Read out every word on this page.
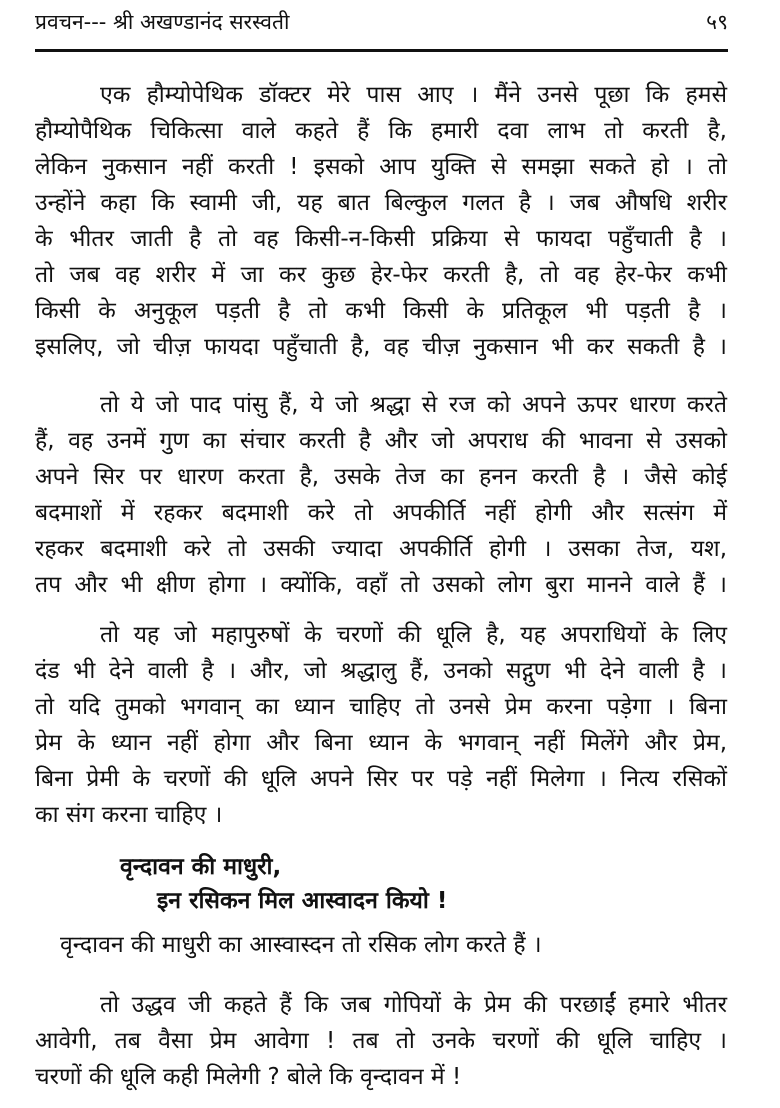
प्रवचन--- श्री अखण्डानंद सरस्वती	५९
एक हौम्योपेथिक डॉक्टर मेरे पास आए । मैंने उनसे पूछा कि हमसे
हौम्योपैथिक चिकित्सा वाले कहते हैं कि हमारी दवा लाभ तो करती है,
लेकिन नुकसान नहीं करती ! इसको आप युक्ति से समझा सकते हो । तो
उन्होंने कहा कि स्वामी जी, यह बात बिल्कुल गलत है । जब औषधि शरीर
के भीतर जाती है तो वह किसी-न-किसी प्रक्रिया से फायदा पहुँचाती है ।
तो जब वह शरीर में जा कर कुछ हेर-फेर करती है, तो वह हेर-फेर कभी
किसी के अनुकूल पड़ती है तो कभी किसी के प्रतिकूल भी पड़ती है ।
इसलिए, जो चीज़ फायदा पहुँचाती है, वह चीज़ नुकसान भी कर सकती है ।
तो ये जो पाद पांसु हैं, ये जो श्रद्धा से रज को अपने ऊपर धारण करते
हैं, वह उनमें गुण का संचार करती है और जो अपराध की भावना से उसको
अपने सिर पर धारण करता है, उसके तेज का हनन करती है । जैसे कोई
बदमाशों में रहकर बदमाशी करे तो अपकीर्ति नहीं होगी और सत्संग में
रहकर बदमाशी करे तो उसकी ज्यादा अपकीर्ति होगी । उसका तेज, यश,
तप और भी क्षीण होगा । क्योंकि, वहाँ तो उसको लोग बुरा मानने वाले हैं ।
तो यह जो महापुरुषों के चरणों की धूलि है, यह अपराधियों के लिए
दंड भी देने वाली है । और, जो श्रद्धालु हैं, उनको सद्गुण भी देने वाली है ।
तो यदि तुमको भगवान् का ध्यान चाहिए तो उनसे प्रेम करना पड़ेगा । बिना
प्रेम के ध्यान नहीं होगा और बिना ध्यान के भगवान् नहीं मिलेंगे और प्रेम,
बिना प्रेमी के चरणों की धूलि अपने सिर पर पड़े नहीं मिलेगा । नित्य रसिकों
का संग करना चाहिए ।
वृन्दावन की माधुरी,
इन रसिकन मिल आस्वादन कियो !
वृन्दावन की माधुरी का आस्वास्दन तो रसिक लोग करते हैं ।
तो उद्धव जी कहते हैं कि जब गोपियों के प्रेम की परछाईं हमारे भीतर
आवेगी, तब वैसा प्रेम आवेगा ! तब तो उनके चरणों की धूलि चाहिए ।
चरणों की धूलि कही मिलेगी ? बोले कि वृन्दावन में !
